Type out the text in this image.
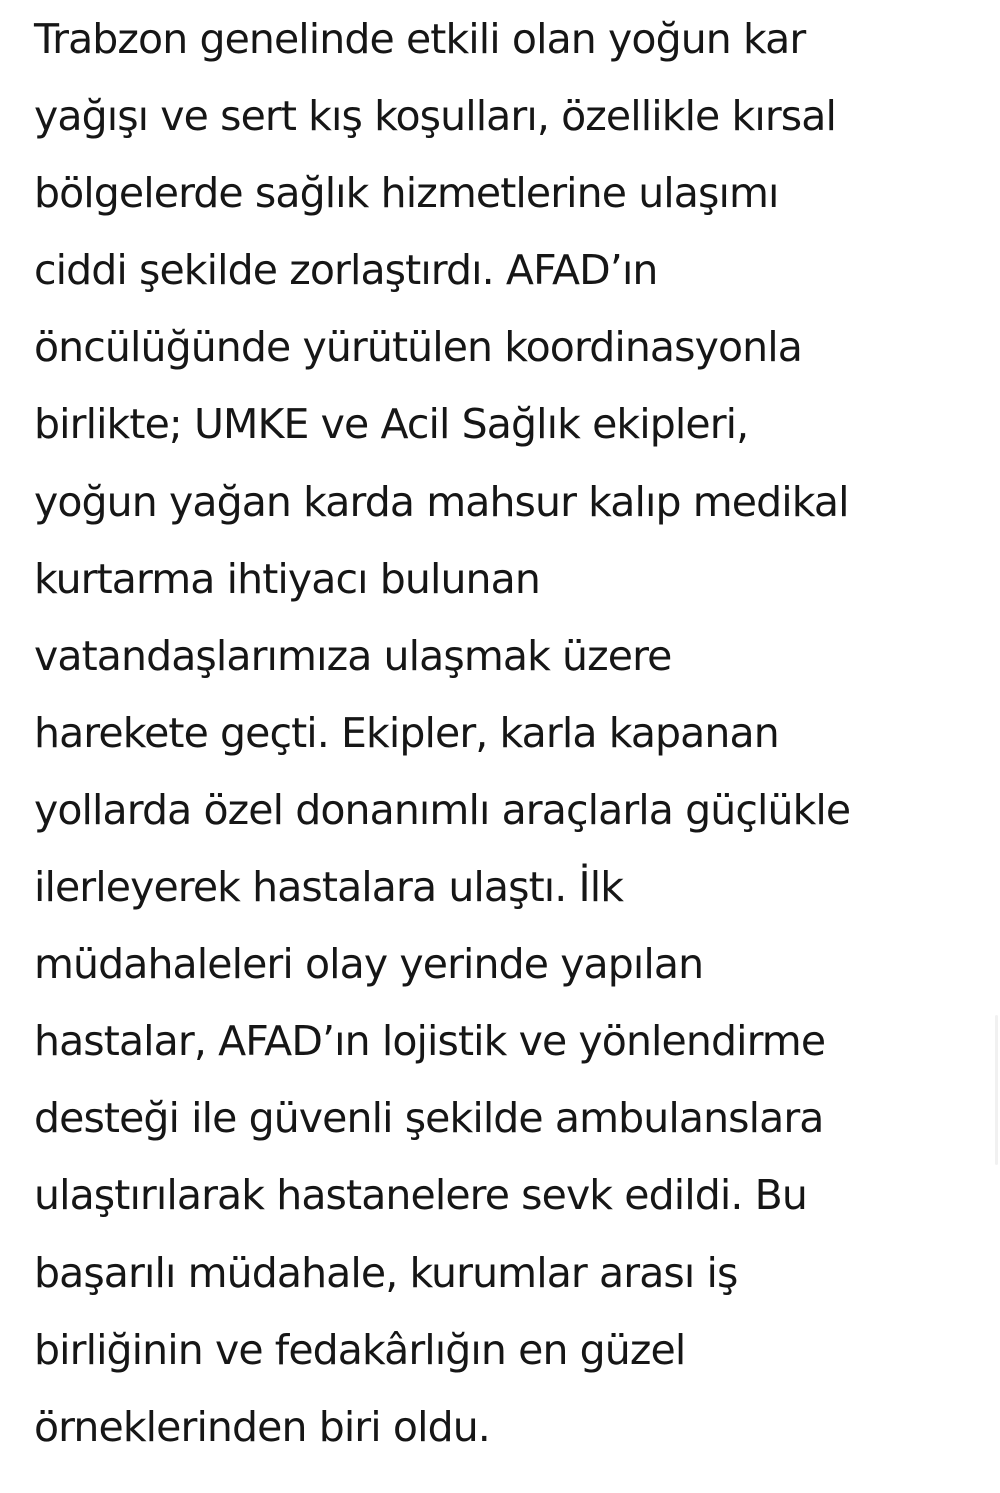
Trabzon genelinde etkili olan yoğun kar
yağışı ve sert kış koşulları, özellikle kırsal
bölgelerde sağlık hizmetlerine ulaşımı
ciddi şekilde zorlaştırdı. AFAD’ın
öncülüğünde yürütülen koordinasyonla
birlikte; UMKE ve Acil Sağlık ekipleri,
yoğun yağan karda mahsur kalıp medikal
kurtarma ihtiyacı bulunan
vatandaşlarımıza ulaşmak üzere
harekete geçti. Ekipler, karla kapanan
yollarda özel donanımlı araçlarla güçlükle
ilerleyerek hastalara ulaştı. İlk
müdahaleleri olay yerinde yapılan
hastalar, AFAD’ın lojistik ve yönlendirme
desteği ile güvenli şekilde ambulanslara
ulaştırılarak hastanelere sevk edildi. Bu
başarılı müdahale, kurumlar arası iş
birliğinin ve fedakârlığın en güzel
örneklerinden biri oldu.
